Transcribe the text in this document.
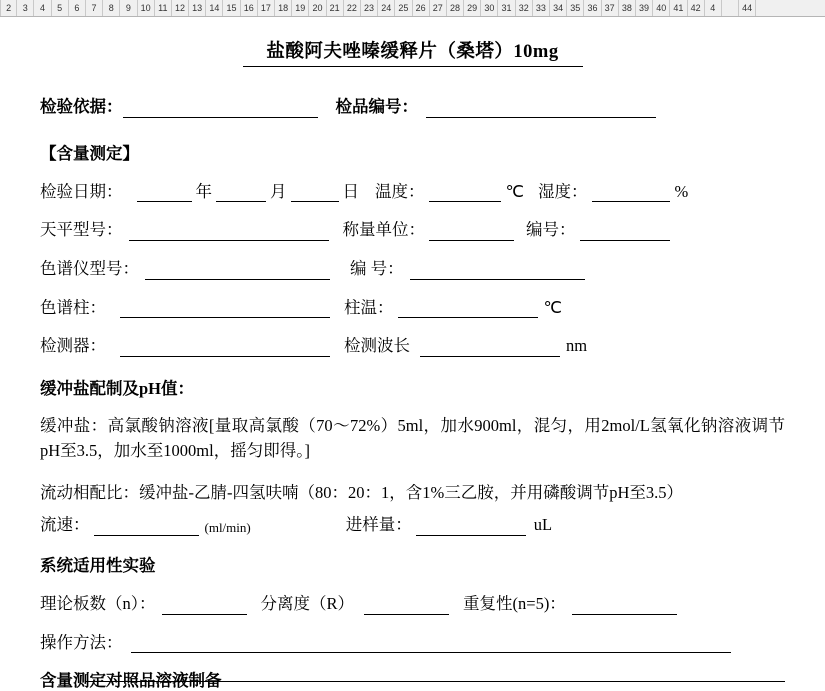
2	3	4	5	6	7	8	9	10 11 12 13 14 15 16 17 18 19 20 21 22 23 24 25 26 27 28 29 30 31 32 33 34 35 36 37 38 39 40 41 42	4	44
盐酸阿夫唑嗪缓释片（桑塔）10mg
检验依据：	检品编号：
【含量测定】
检验日期：	年	月	日 温度：	℃ 湿度：	%
天平型号：	称量单位：	编号：
色谱仪型号：	编 号：
色谱柱：	柱温：	℃
检测器：	检测波长	nm
缓冲盐配制及pH值：
缓冲盐：高氯酸钠溶液[量取高氯酸（70～72%）5ml，加水900ml，混匀，用2mol/L氢氧化钠溶液调节pH至3.5，加水至1000ml，摇匀即得。]
流动相配比：缓冲盐-乙腈-四氢呋喃（80：20：1，含1%三乙胺，并用磷酸调节pH至3.5）
流速：	(ml/min)	进样量：	uL
系统适用性实验
理论板数（n）：	分离度（R）	重复性(n=5)：
操作方法：
含量测定对照品溶液制备
